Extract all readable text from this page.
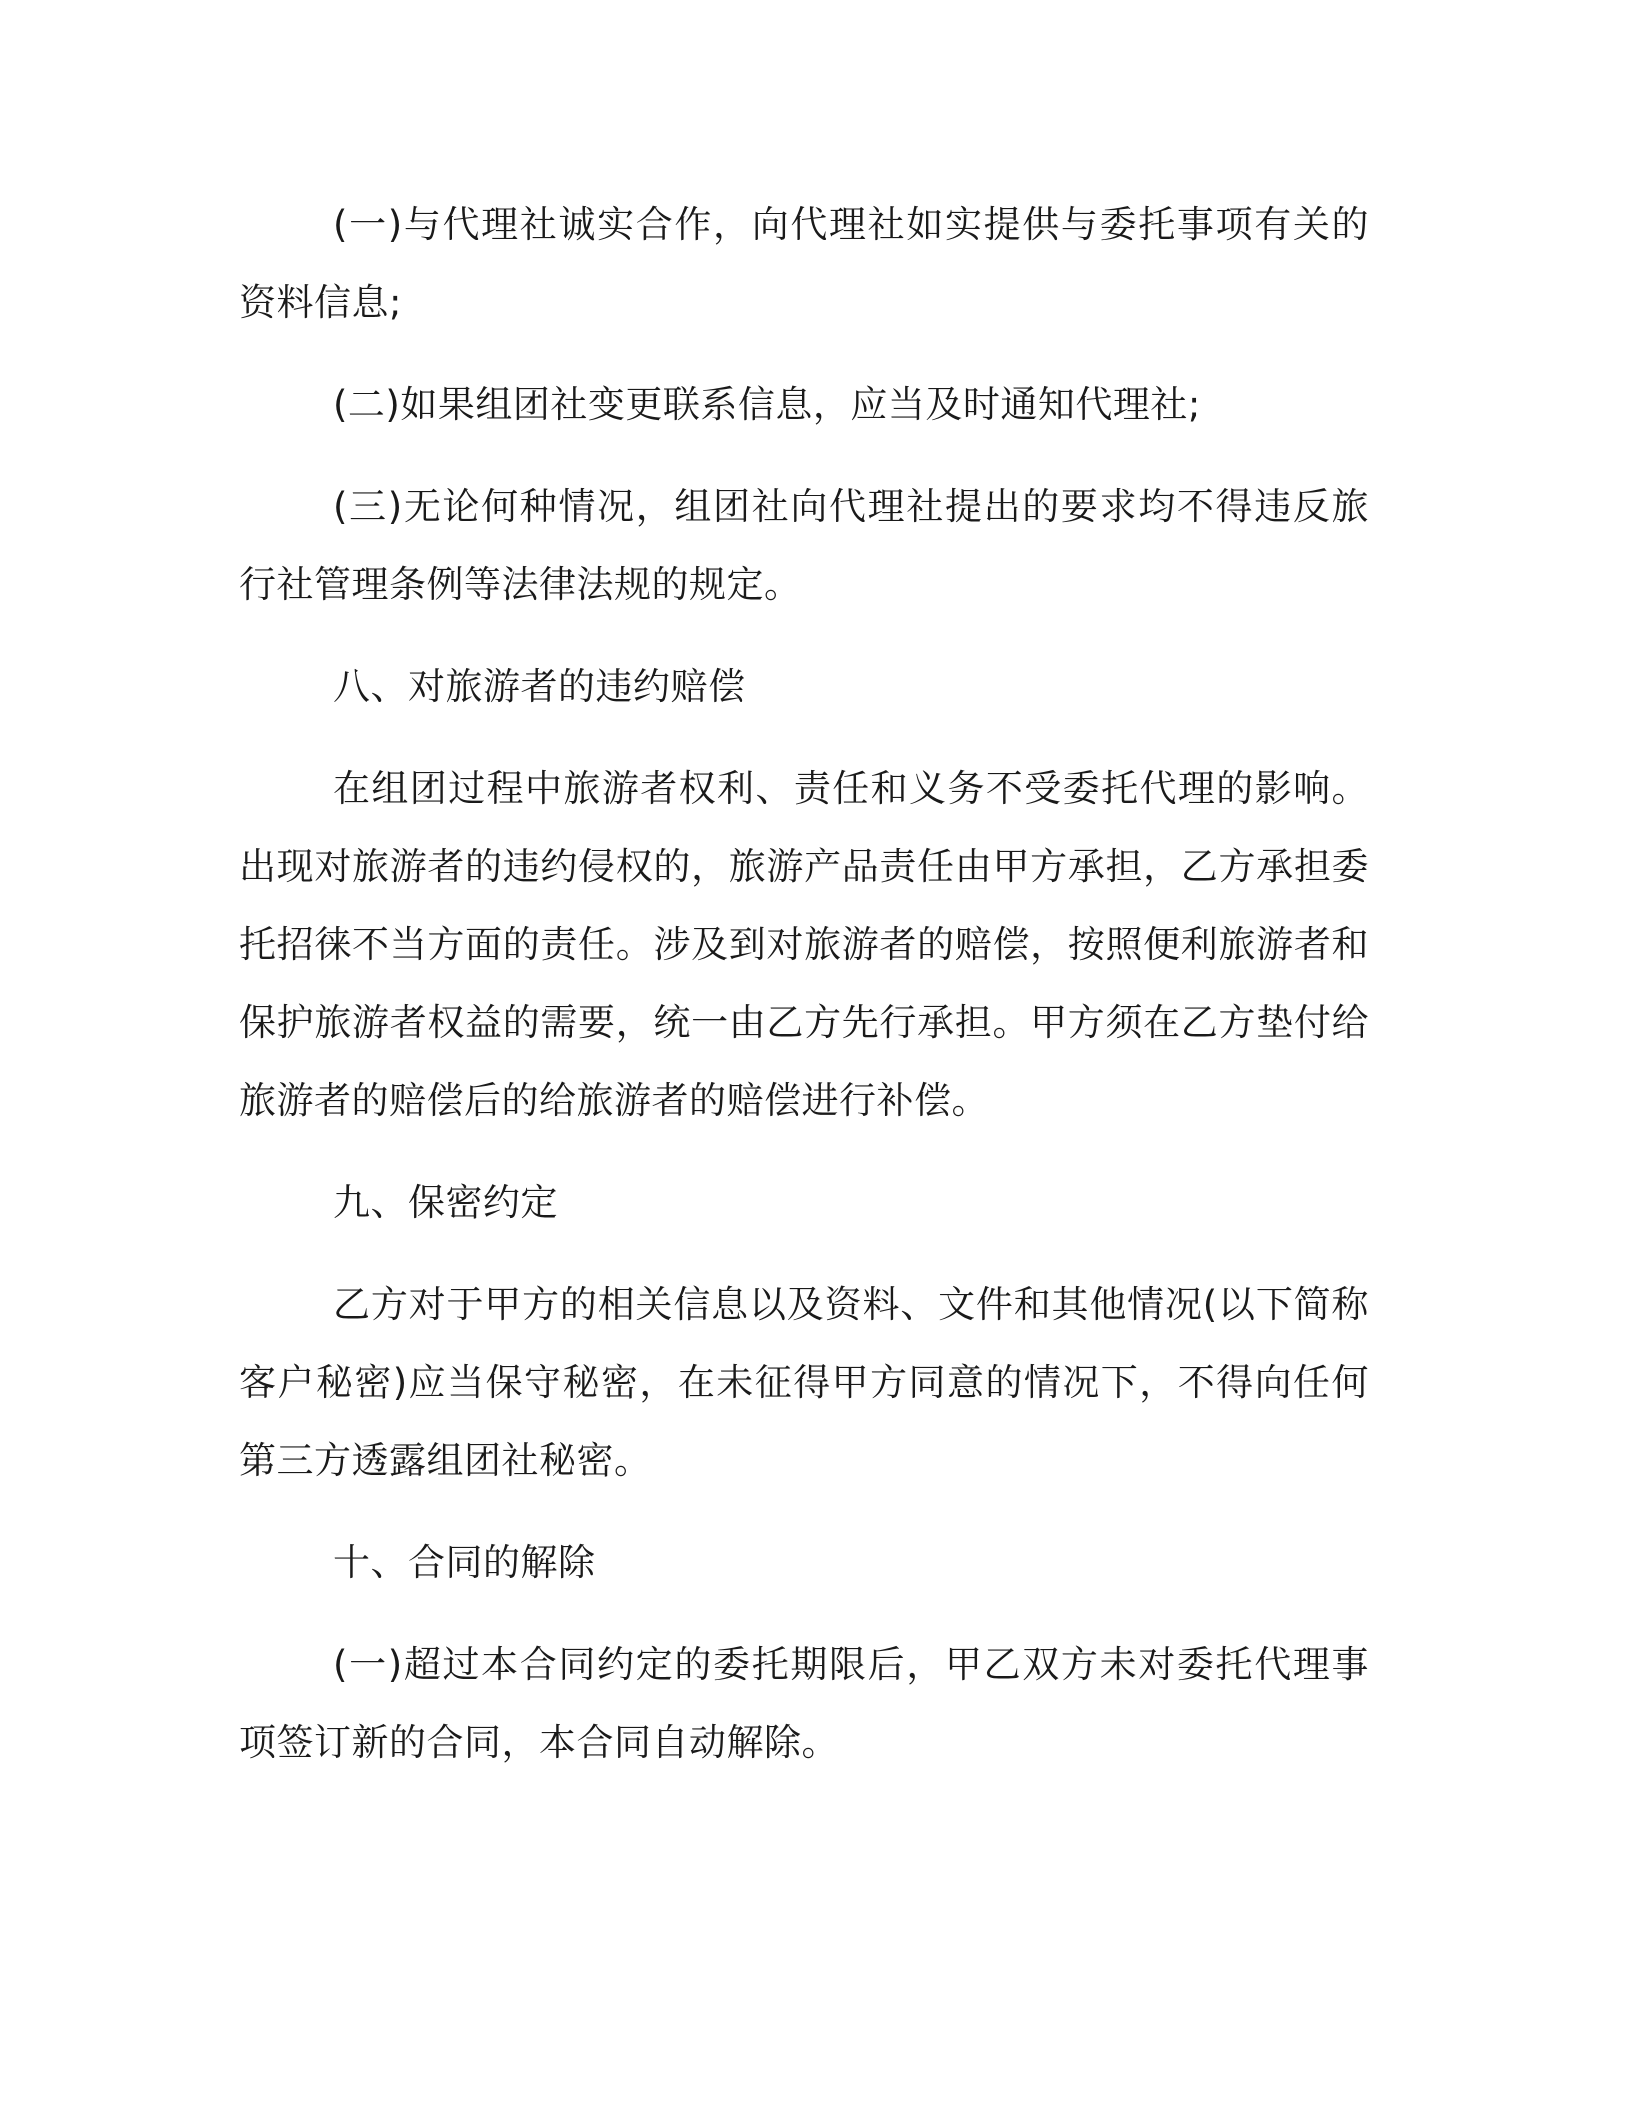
(一)与代理社诚实合作，向代理社如实提供与委托事项有关的资料信息;

(二)如果组团社变更联系信息，应当及时通知代理社;

(三)无论何种情况，组团社向代理社提出的要求均不得违反旅行社管理条例等法律法规的规定。

八、对旅游者的违约赔偿

在组团过程中旅游者权利、责任和义务不受委托代理的影响。出现对旅游者的违约侵权的，旅游产品责任由甲方承担，乙方承担委托招徕不当方面的责任。涉及到对旅游者的赔偿，按照便利旅游者和保护旅游者权益的需要，统一由乙方先行承担。甲方须在乙方垫付给旅游者的赔偿后的给旅游者的赔偿进行补偿。

九、保密约定

乙方对于甲方的相关信息以及资料、文件和其他情况(以下简称客户秘密)应当保守秘密，在未征得甲方同意的情况下，不得向任何第三方透露组团社秘密。

十、合同的解除

(一)超过本合同约定的委托期限后，甲乙双方未对委托代理事项签订新的合同，本合同自动解除。
